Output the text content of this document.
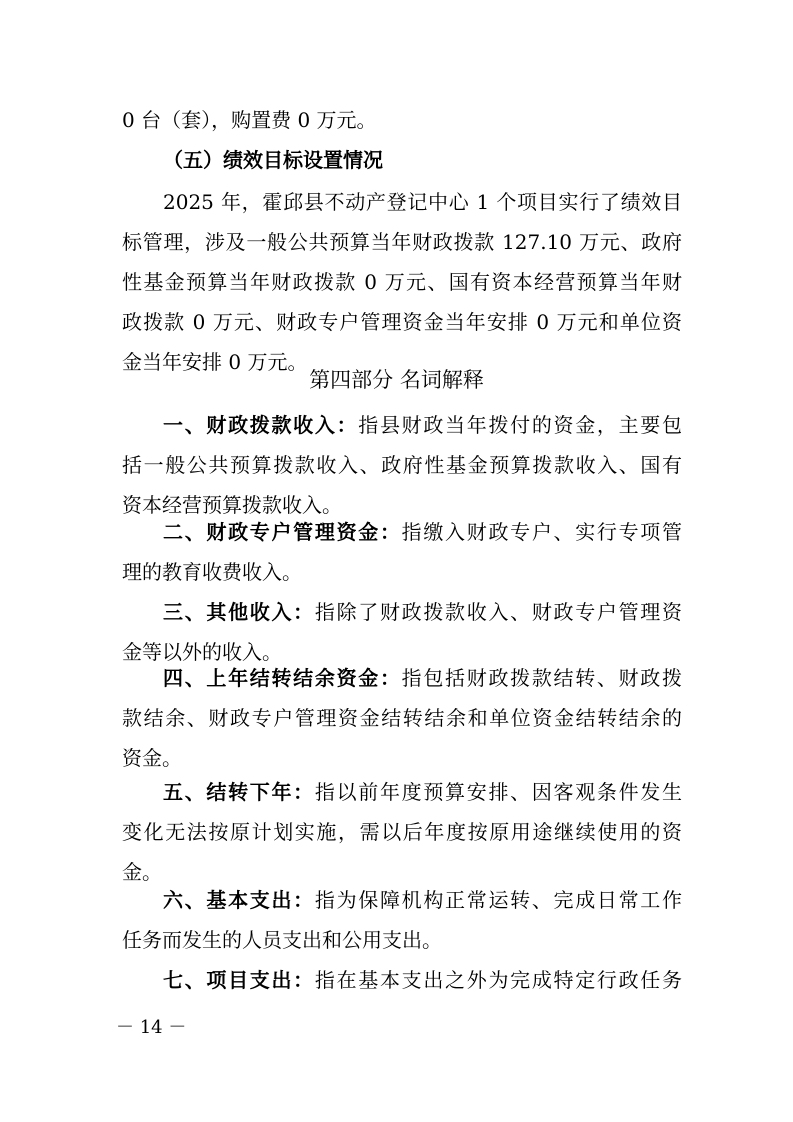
0 台（套），购置费 0 万元。

（五）绩效目标设置情况

2025 年，霍邱县不动产登记中心 1 个项目实行了绩效目

标管理，涉及一般公共预算当年财政拨款 127.10 万元、政府

性基金预算当年财政拨款 0 万元、国有资本经营预算当年财

政拨款 0 万元、财政专户管理资金当年安排 0 万元和单位资

金当年安排 0 万元。

第四部分 名词解释

一、财政拨款收入：指县财政当年拨付的资金，主要包

括一般公共预算拨款收入、政府性基金预算拨款收入、国有

资本经营预算拨款收入。

二、财政专户管理资金：指缴入财政专户、实行专项管

理的教育收费收入。

三、其他收入：指除了财政拨款收入、财政专户管理资

金等以外的收入。

四、上年结转结余资金：指包括财政拨款结转、财政拨

款结余、财政专户管理资金结转结余和单位资金结转结余的

资金。

五、结转下年：指以前年度预算安排、因客观条件发生

变化无法按原计划实施，需以后年度按原用途继续使用的资

金。

六、基本支出：指为保障机构正常运转、完成日常工作

任务而发生的人员支出和公用支出。

七、项目支出：指在基本支出之外为完成特定行政任务

－ 14 －
